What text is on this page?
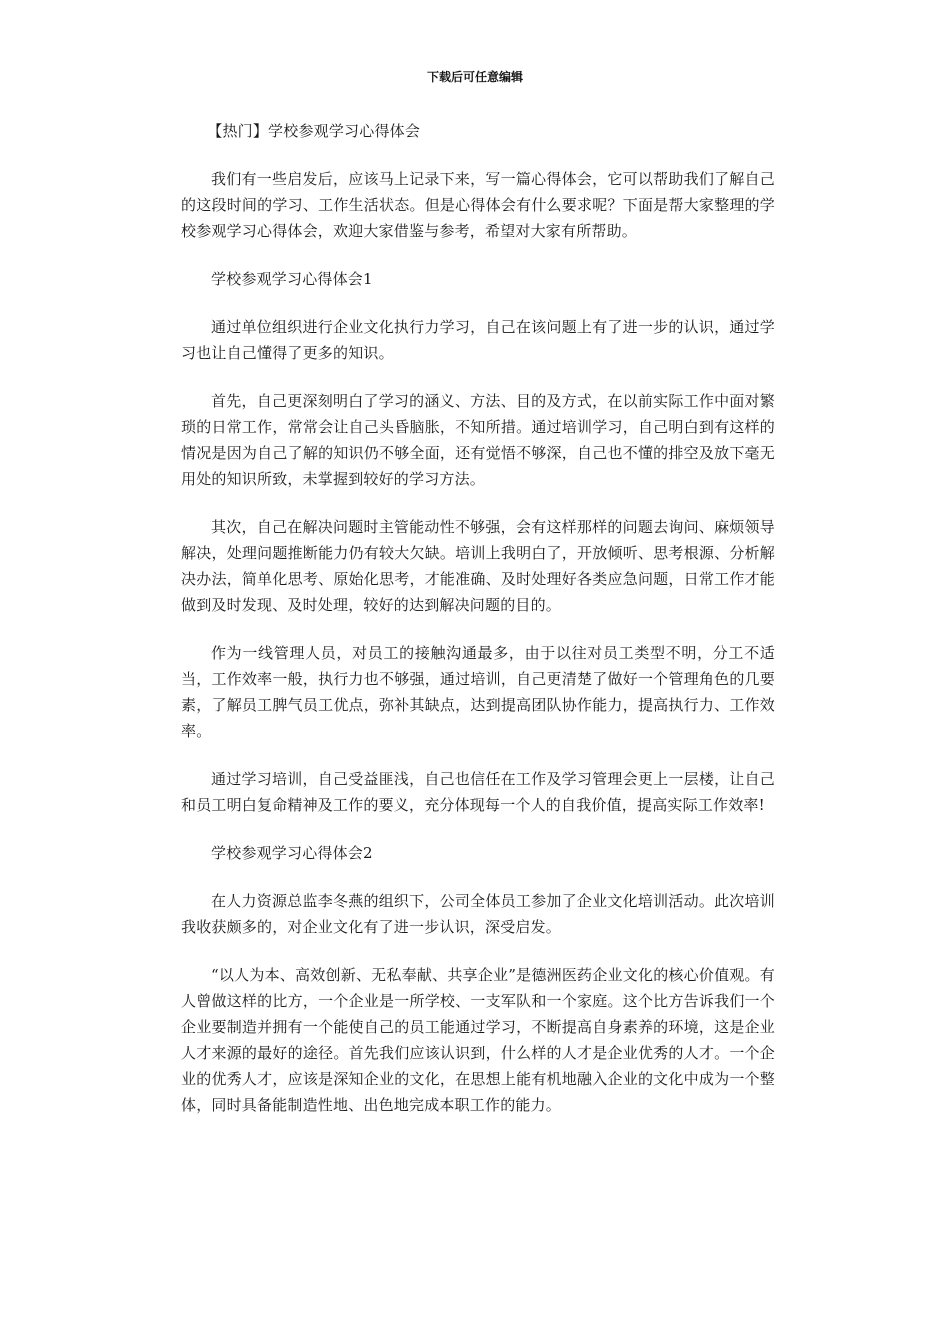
下载后可任意编辑

【热门】学校参观学习心得体会

我们有一些启发后，应该马上记录下来，写一篇心得体会，它可以帮助我们了解自己的这段时间的学习、工作生活状态。但是心得体会有什么要求呢？下面是帮大家整理的学校参观学习心得体会，欢迎大家借鉴与参考，希望对大家有所帮助。

学校参观学习心得体会1

通过单位组织进行企业文化执行力学习，自己在该问题上有了进一步的认识，通过学习也让自己懂得了更多的知识。

首先，自己更深刻明白了学习的涵义、方法、目的及方式，在以前实际工作中面对繁琐的日常工作，常常会让自己头昏脑胀，不知所措。通过培训学习，自己明白到有这样的情况是因为自己了解的知识仍不够全面，还有觉悟不够深，自己也不懂的排空及放下毫无用处的知识所致，未掌握到较好的学习方法。

其次，自己在解决问题时主管能动性不够强，会有这样那样的问题去询问、麻烦领导解决，处理问题推断能力仍有较大欠缺。培训上我明白了，开放倾听、思考根源、分析解决办法，简单化思考、原始化思考，才能准确、及时处理好各类应急问题，日常工作才能做到及时发现、及时处理，较好的达到解决问题的目的。

作为一线管理人员，对员工的接触沟通最多，由于以往对员工类型不明，分工不适当，工作效率一般，执行力也不够强，通过培训，自己更清楚了做好一个管理角色的几要素，了解员工脾气员工优点，弥补其缺点，达到提高团队协作能力，提高执行力、工作效率。

通过学习培训，自己受益匪浅，自己也信任在工作及学习管理会更上一层楼，让自己和员工明白复命精神及工作的要义，充分体现每一个人的自我价值，提高实际工作效率!

学校参观学习心得体会2

在人力资源总监李冬燕的组织下，公司全体员工参加了企业文化培训活动。此次培训我收获颇多的，对企业文化有了进一步认识，深受启发。

“以人为本、高效创新、无私奉献、共享企业”是德洲医药企业文化的核心价值观。有人曾做这样的比方，一个企业是一所学校、一支军队和一个家庭。这个比方告诉我们一个企业要制造并拥有一个能使自己的员工能通过学习，不断提高自身素养的环境，这是企业人才来源的最好的途径。首先我们应该认识到，什么样的人才是企业优秀的人才。一个企业的优秀人才，应该是深知企业的文化，在思想上能有机地融入企业的文化中成为一个整体，同时具备能制造性地、出色地完成本职工作的能力。
